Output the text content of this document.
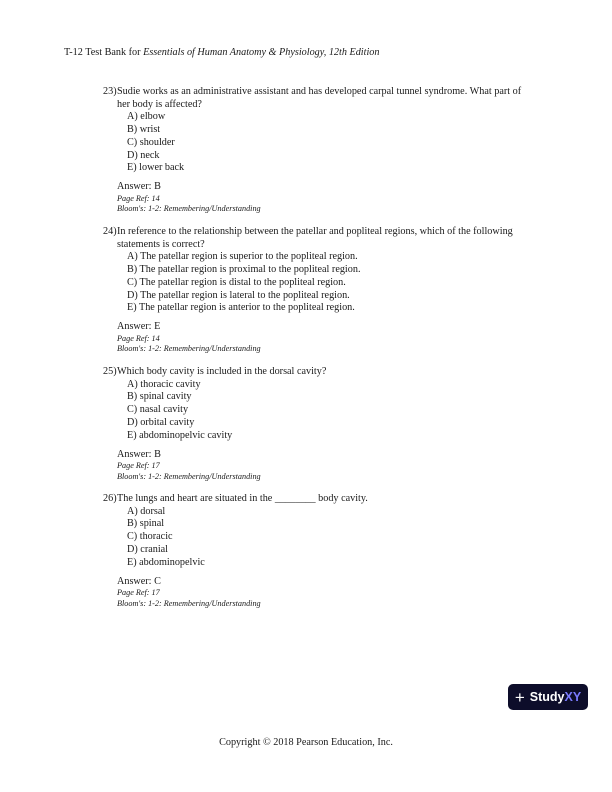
T-12 Test Bank for Essentials of Human Anatomy & Physiology, 12th Edition
23) Sudie works as an administrative assistant and has developed carpal tunnel syndrome. What part of her body is affected?
A) elbow
B) wrist
C) shoulder
D) neck
E) lower back
Answer: B
Page Ref: 14
Bloom's: 1-2: Remembering/Understanding
24) In reference to the relationship between the patellar and popliteal regions, which of the following statements is correct?
A) The patellar region is superior to the popliteal region.
B) The patellar region is proximal to the popliteal region.
C) The patellar region is distal to the popliteal region.
D) The patellar region is lateral to the popliteal region.
E) The patellar region is anterior to the popliteal region.
Answer: E
Page Ref: 14
Bloom's: 1-2: Remembering/Understanding
25) Which body cavity is included in the dorsal cavity?
A) thoracic cavity
B) spinal cavity
C) nasal cavity
D) orbital cavity
E) abdominopelvic cavity
Answer: B
Page Ref: 17
Bloom's: 1-2: Remembering/Understanding
26) The lungs and heart are situated in the ________ body cavity.
A) dorsal
B) spinal
C) thoracic
D) cranial
E) abdominopelvic
Answer: C
Page Ref: 17
Bloom's: 1-2: Remembering/Understanding
+ Study XY
Copyright © 2018 Pearson Education, Inc.
